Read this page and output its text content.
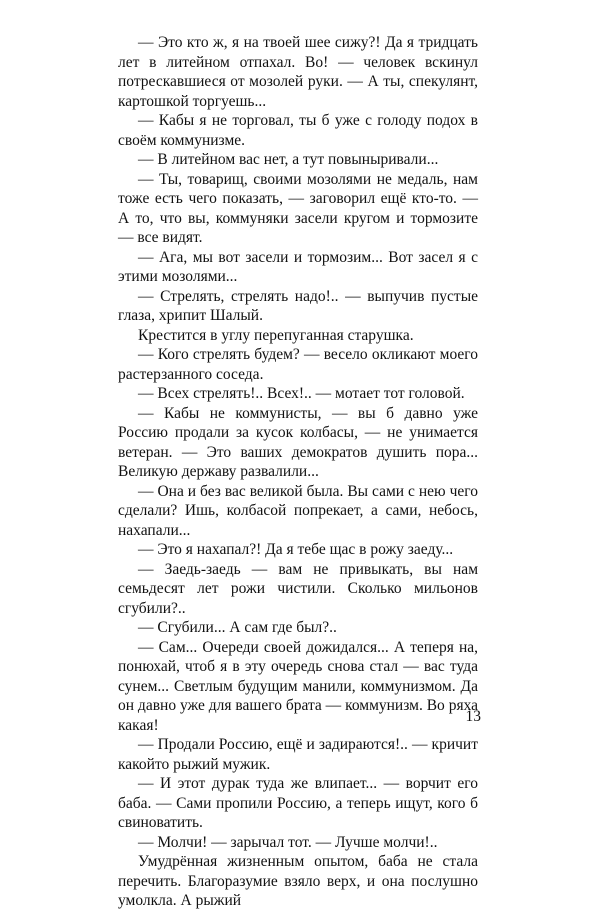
— Это кто ж, я на твоей шее сижу?! Да я тридцать лет в литейном отпахал. Во! — человек вскинул потрескавшиеся от мозолей руки. — А ты, спекулянт, картошкой торгуешь...

— Кабы я не торговал, ты б уже с голоду подох в своём коммунизме.

— В литейном вас нет, а тут повыныривали...

— Ты, товарищ, своими мозолями не медаль, нам тоже есть чего показать, — заговорил ещё кто-то. — А то, что вы, коммуняки засели кругом и тормозите — все видят.

— Ага, мы вот засели и тормозим... Вот засел я с этими мозолями...

— Стрелять, стрелять надо!.. — выпучив пустые глаза, хрипит Шалый.

Крестится в углу перепуганная старушка.

— Кого стрелять будем? — весело окликают моего растерзанного соседа.

— Всех стрелять!.. Всех!.. — мотает тот головой.

— Кабы не коммунисты, — вы б давно уже Россию продали за кусок колбасы, — не унимается ветеран. — Это ваших демократов душить пора... Великую державу развалили...

— Она и без вас великой была. Вы сами с нею чего сделали? Ишь, колбасой попрекает, а сами, небось, нахапали...

— Это я нахапал?! Да я тебе щас в рожу заеду...

— Заедь-заедь — вам не привыкать, вы нам семьдесят лет рожи чистили. Сколько мильонов сгубили?..

— Сгубили... А сам где был?..

— Сам... Очереди своей дожидался... А теперя на, понюхай, чтоб я в эту очередь снова стал — вас туда сунем... Светлым будущим манили, коммунизмом. Да он давно уже для вашего брата — коммунизм. Во ряха какая!

— Продали Россию, ещё и задираются!.. — кричит какойто рыжий мужик.

— И этот дурак туда же влипает... — ворчит его баба. — Сами пропили Россию, а теперь ищут, кого б свиноватить.

— Молчи! — зарычал тот. — Лучше молчи!..

Умудрённая жизненным опытом, баба не стала перечить. Благоразумие взяло верх, и она послушно умолкла. А рыжий

13
